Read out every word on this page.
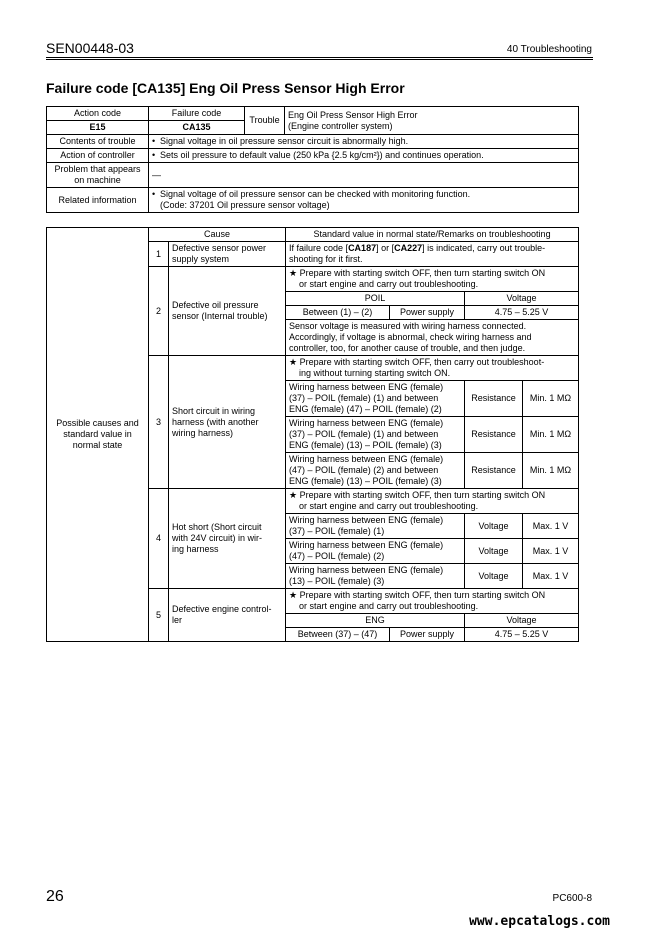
SEN00448-03	40 Troubleshooting
Failure code [CA135] Eng Oil Press Sensor High Error
Action code	Failure code	Trouble	Eng Oil Press Sensor High Error
(Engine controller system)

E15	CA135		
Contents of trouble	• Signal voltage in oil pressure sensor circuit is abnormally high.		
Action of controller	• Sets oil pressure to default value (250 kPa {2.5 kg/cm²}) and continues operation.		

Problem that appears
on machine	—		
Related information	• Signal voltage of oil pressure sensor can be checked with monitoring function.
(Code: 37201 Oil pressure sensor voltage)		
Possible causes and
standard value in
normal state	Cause		Standard value in normal state/Remarks on troubleshooting			
	1	Defective sensor power
supply system	If failure code [CA187] or [CA227] is indicated, carry out trouble-
shooting for it first.			

	2	Defective oil pressure
sensor (Internal trouble)	★ Prepare with starting switch OFF, then turn starting switch ON
or start engine and carry out troubleshooting.			

			POIL		Voltage	
			Between (1) – (2)	Power supply	4.75 – 5.25 V	

			Sensor voltage is measured with wiring harness connected.
Accordingly, if voltage is abnormal, check wiring harness and
controller, too, for another cause of trouble, and then judge.			

	3	Short circuit in wiring
harness (with another
wiring harness)	★ Prepare with starting switch OFF, then carry out troubleshoot-
ing without turning starting switch ON.			

			Wiring harness between ENG (female)
(37) – POIL (female) (1) and between
ENG (female) (47) – POIL (female) (2)		Resistance	Min. 1 MΩ

			Wiring harness between ENG (female)
(37) – POIL (female) (1) and between
ENG (female) (13) – POIL (female) (3)		Resistance	Min. 1 MΩ

			Wiring harness between ENG (female)
(47) – POIL (female) (2) and between
ENG (female) (13) – POIL (female) (3)		Resistance	Min. 1 MΩ
	4	Hot short (Short circuit
with 24V circuit) in wir-
ing harness	★ Prepare with starting switch OFF, then turn starting switch ON
or start engine and carry out troubleshooting.			

			Wiring harness between ENG (female)
(37) – POIL (female) (1)		Voltage	Max. 1 V

			Wiring harness between ENG (female)
(47) – POIL (female) (2)		Voltage	Max. 1 V

			Wiring harness between ENG (female)
(13) – POIL (female) (3)		Voltage	Max. 1 V
	5	Defective engine control-
ler	★ Prepare with starting switch OFF, then turn starting switch ON
or start engine and carry out troubleshooting.			

			ENG		Voltage	
			Between (37) – (47)	Power supply	4.75 – 5.25 V	
26	PC600-8
www.epcatalogs.com
